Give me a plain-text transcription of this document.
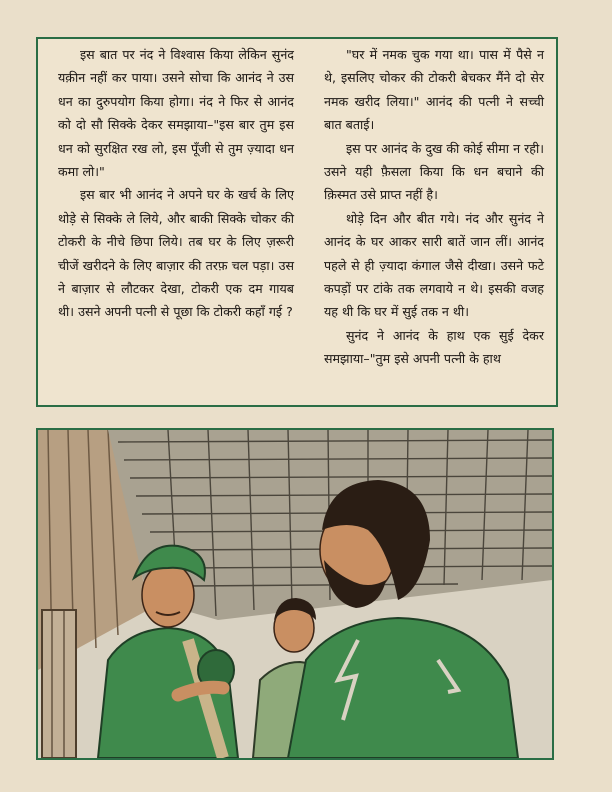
इस बात पर नंद ने विश्वास किया लेकिन सुनंद यक़ीन नहीं कर पाया। उसने सोचा कि आनंद ने उस धन का दुरुपयोग किया होगा। नंद ने फिर से आनंद को दो सौ सिक्के देकर समझाया–"इस बार तुम इस धन को सुरक्षित रख लो, इस पूँजी से तुम ज़्यादा धन कमा लो।"

इस बार भी आनंद ने अपने घर के खर्च के लिए थोड़े से सिक्के ले लिये, और बाकी सिक्के चोकर की टोकरी के नीचे छिपा लिये। तब घर के लिए ज़रूरी चीजें खरीदने के लिए बाज़ार की तरफ़ चल पड़ा। उस ने बाज़ार से लौटकर देखा, टोकरी एक दम गायब थी। उसने अपनी पत्नी से पूछा कि टोकरी कहाँ गई ?

"घर में नमक चुक गया था। पास में पैसे न थे, इसलिए चोकर की टोकरी बेचकर मैंने दो सेर नमक खरीद लिया।" आनंद की पत्नी ने सच्ची बात बताई।

इस पर आनंद के दुख की कोई सीमा न रही। उसने यही फ़ैसला किया कि धन बचाने की क़िस्मत उसे प्राप्त नहीं है।

थोड़े दिन और बीत गये। नंद और सुनंद ने आनंद के घर आकर सारी बातें जान लीं। आनंद पहले से ही ज़्यादा कंगाल जैसे दीखा। उसने फटे कपड़ों पर टांके तक लगवाये न थे। इसकी वजह यह थी कि घर में सुई तक न थी।

सुनंद ने आनंद के हाथ एक सुई देकर समझाया–"तुम इसे अपनी पत्नी के हाथ
